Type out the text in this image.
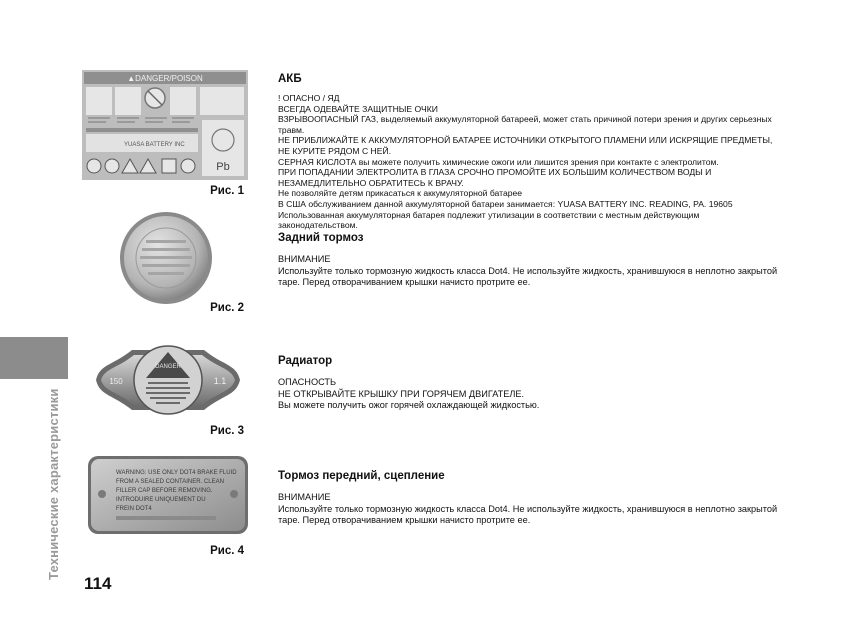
Технические характеристики
114
▲DANGER/POISON
YUASA BATTERY INC
Pb
Рис. 1
Рис. 2
DANGER
150	1.1
Рис. 3
WARNING: USE ONLY DOT4 BRAKE FLUID
FROM A SEALED CONTAINER. CLEAN
FILLER CAP BEFORE REMOVING.
INTRODUIRE UNIQUEMENT DU
FREIN DOT4
Рис. 4
АКБ
! ОПАСНО / ЯД
ВСЕГДА ОДЕВАЙТЕ ЗАЩИТНЫЕ ОЧКИ
ВЗРЫВООПАСНЫЙ ГАЗ, выделяемый аккумуляторной батареей, может стать причиной потери зрения и других серьезных травм.
НЕ ПРИБЛИЖАЙТЕ К АККУМУЛЯТОРНОЙ БАТАРЕЕ ИСТОЧНИКИ ОТКРЫТОГО ПЛАМЕНИ ИЛИ ИСКРЯЩИЕ ПРЕДМЕТЫ,
НЕ КУРИТЕ РЯДОМ С НЕЙ.
СЕРНАЯ КИСЛОТА вы можете получить химические ожоги или лишится зрения при контакте с электролитом.
ПРИ ПОПАДАНИИ ЭЛЕКТРОЛИТА В ГЛАЗА СРОЧНО ПРОМОЙТЕ ИХ БОЛЬШИМ КОЛИЧЕСТВОМ ВОДЫ И НЕЗАМЕДЛИТЕЛЬНО ОБРАТИТЕСЬ К ВРАЧУ.
Не позволяйте детям прикасаться к аккумуляторной батарее
В США обслуживанием данной аккумуляторной батареи занимается: YUASA BATTERY INC. READING, PA. 19605
Использованная аккумуляторная батарея подлежит утилизации в соответствии с местным действующим законодательством.
Задний тормоз
ВНИМАНИЕ
Используйте только тормозную жидкость класса Dot4. Не используйте жидкость, хранившуюся в неплотно закрытой таре. Перед отворачиванием крышки начисто протрите ее.
Радиатор
ОПАСНОСТЬ
НЕ ОТКРЫВАЙТЕ КРЫШКУ ПРИ ГОРЯЧЕМ ДВИГАТЕЛЕ.
Вы можете получить ожог горячей охлаждающей жидкостью.
Тормоз передний, сцепление
ВНИМАНИЕ
Используйте только тормозную жидкость класса Dot4. Не используйте жидкость, хранившуюся в неплотно закрытой таре. Перед отворачиванием крышки начисто протрите ее.
